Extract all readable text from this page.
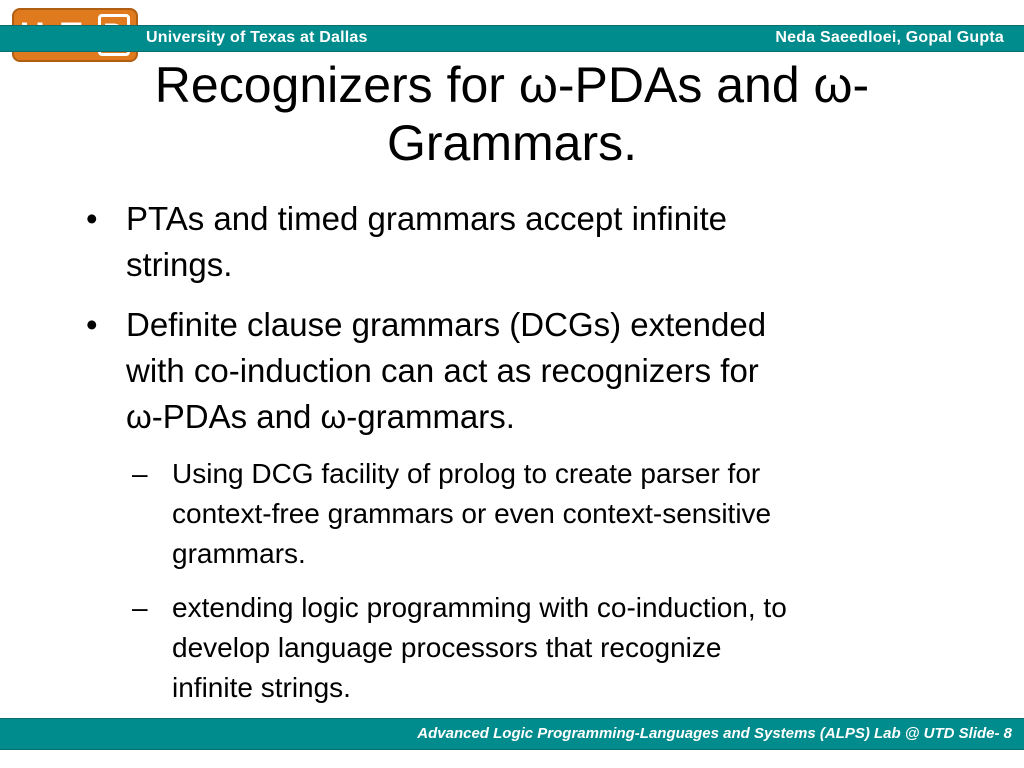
University of Texas at Dallas	Neda Saeedloei, Gopal Gupta
Recognizers for ω-PDAs and ω-
Grammars.
• PTAs and timed grammars accept infinite
strings.
• Definite clause grammars (DCGs) extended
with co-induction can act as recognizers for
ω-PDAs and ω-grammars.
– Using DCG facility of prolog to create parser for
context-free grammars or even context-sensitive
grammars.
– extending logic programming with co-induction, to
develop language processors that recognize
infinite strings.
Advanced Logic Programming-Languages and Systems (ALPS) Lab @ UTD Slide- 8
